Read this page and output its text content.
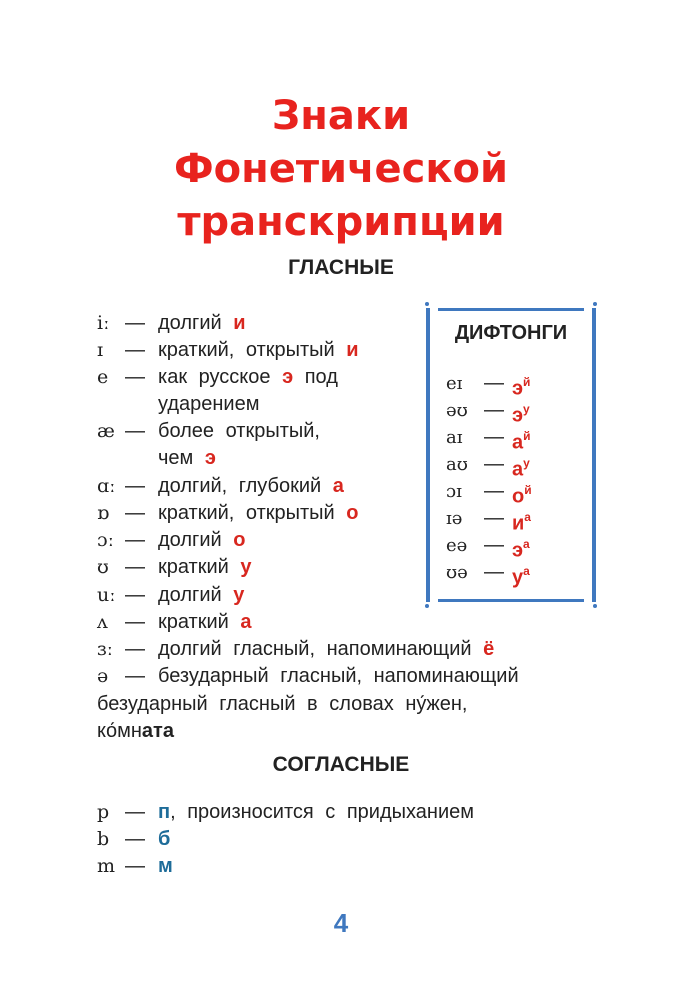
Знаки
Фонетической
транскрипции
ГЛАСНЫЕ
iː — долгий и
ɪ — краткий, открытый и
e — как русское э под
ударением
æ — более открытый,
чем э
ɑː — долгий, глубокий а
ɒ — краткий, открытый о
ɔː — долгий о
ʊ — краткий у
uː — долгий у
ʌ — краткий а
ɜː — долгий гласный, напоминающий ё
ə — безударный гласный, напоминающий
безударный гласный в словах ну́жен,
ко́мната
ДИФТОНГИ
eɪ — $э^й$
əʊ — $э^у$
aɪ — $а^й$
aʊ — $а^у$
ɔɪ — $о^й$
ɪə — $и^а$
eə — $э^а$
ʊə — $у^а$
СОГЛАСНЫЕ
p — п, произносится с придыханием
b — б
m — м
4
